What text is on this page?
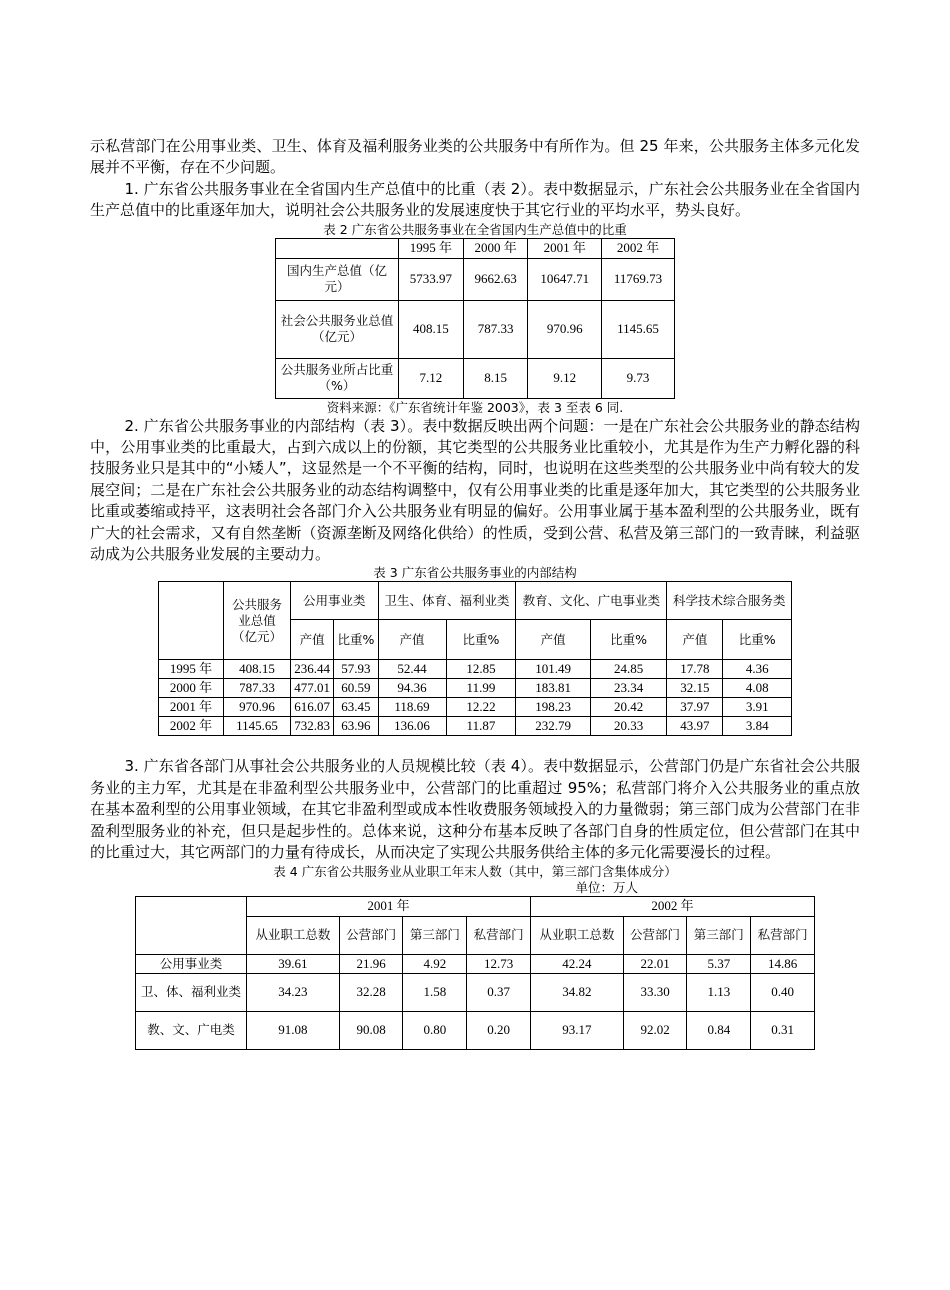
示私营部门在公用事业类、卫生、体育及福利服务业类的公共服务中有所作为。但 25 年来，公共服务主体多元化发展并不平衡，存在不少问题。

1. 广东省公共服务事业在全省国内生产总值中的比重（表 2）。表中数据显示，广东社会公共服务业在全省国内生产总值中的比重逐年加大，说明社会公共服务业的发展速度快于其它行业的平均水平，势头良好。

表 2 广东省公共服务事业在全省国内生产总值中的比重

	1995 年	2000 年	2001 年	2002 年
国内生产总值（亿元）	5733.97	9662.63	10647.71	11769.73
社会公共服务业总值（亿元）	408.15	787.33	970.96	1145.65
公共服务业所占比重（%）	7.12	8.15	9.12	9.73

资料来源：《广东省统计年鉴 2003》，表 3 至表 6 同.

2. 广东省公共服务事业的内部结构（表 3）。表中数据反映出两个问题：一是在广东社会公共服务业的静态结构中，公用事业类的比重最大，占到六成以上的份额，其它类型的公共服务业比重较小，尤其是作为生产力孵化器的科技服务业只是其中的“小矮人”，这显然是一个不平衡的结构，同时，也说明在这些类型的公共服务业中尚有较大的发展空间；二是在广东社会公共服务业的动态结构调整中，仅有公用事业类的比重是逐年加大，其它类型的公共服务业比重或萎缩或持平，这表明社会各部门介入公共服务业有明显的偏好。公用事业属于基本盈利型的公共服务业，既有广大的社会需求，又有自然垄断（资源垄断及网络化供给）的性质，受到公营、私营及第三部门的一致青睐，利益驱动成为公共服务业发展的主要动力。

表 3 广东省公共服务事业的内部结构

	公共服务业总值（亿元）	公用事业类		卫生、体育、福利业类		教育、文化、广电事业类		科学技术综合服务类	
		产值	比重%	产值	比重%	产值	比重%	产值	比重%
1995 年	408.15	236.44	57.93	52.44	12.85	101.49	24.85	17.78	4.36
2000 年	787.33	477.01	60.59	94.36	11.99	183.81	23.34	32.15	4.08
2001 年	970.96	616.07	63.45	118.69	12.22	198.23	20.42	37.97	3.91
2002 年	1145.65	732.83	63.96	136.06	11.87	232.79	20.33	43.97	3.84

3. 广东省各部门从事社会公共服务业的人员规模比较（表 4）。表中数据显示，公营部门仍是广东省社会公共服务业的主力军，尤其是在非盈利型公共服务业中，公营部门的比重超过 95%；私营部门将介入公共服务业的重点放在基本盈利型的公用事业领域，在其它非盈利型或成本性收费服务领域投入的力量微弱；第三部门成为公营部门在非盈利型服务业的补充，但只是起步性的。总体来说，这种分布基本反映了各部门自身的性质定位，但公营部门在其中的比重过大，其它两部门的力量有待成长，从而决定了实现公共服务供给主体的多元化需要漫长的过程。

表 4 广东省公共服务业从业职工年末人数（其中，第三部门含集体成分）

单位：万人

	2001 年				2002 年			
	从业职工总数	公营部门	第三部门	私营部门	从业职工总数	公营部门	第三部门	私营部门
公用事业类	39.61	21.96	4.92	12.73	42.24	22.01	5.37	14.86
卫、体、福利业类	34.23	32.28	1.58	0.37	34.82	33.30	1.13	0.40
教、文、广电类	91.08	90.08	0.80	0.20	93.17	92.02	0.84	0.31
